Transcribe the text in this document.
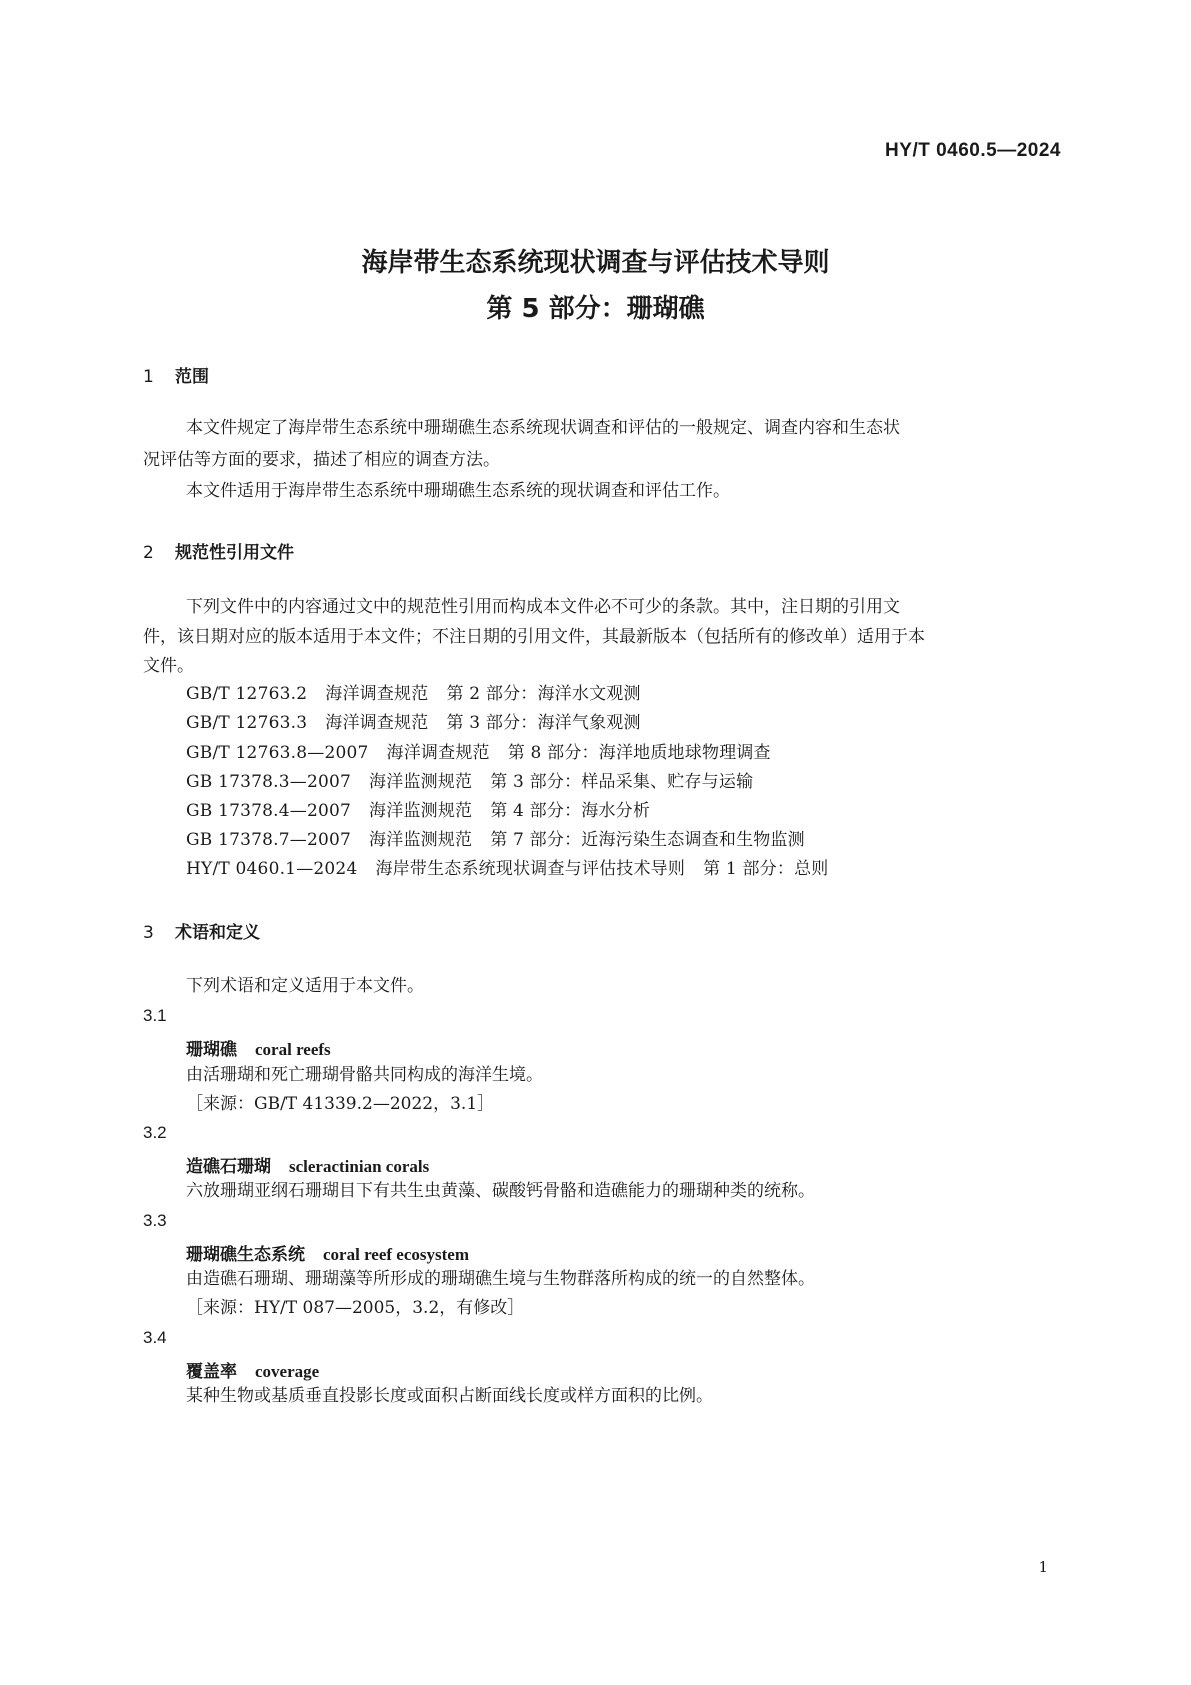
HY/T 0460.5—2024
海岸带生态系统现状调查与评估技术导则
第 5 部分：珊瑚礁
1 范围
本文件规定了海岸带生态系统中珊瑚礁生态系统现状调查和评估的一般规定、调查内容和生态状
况评估等方面的要求，描述了相应的调查方法。
本文件适用于海岸带生态系统中珊瑚礁生态系统的现状调查和评估工作。
2 规范性引用文件
下列文件中的内容通过文中的规范性引用而构成本文件必不可少的条款。其中，注日期的引用文
件，该日期对应的版本适用于本文件；不注日期的引用文件，其最新版本（包括所有的修改单）适用于本
文件。
GB/T 12763.2 海洋调查规范 第 2 部分：海洋水文观测
GB/T 12763.3 海洋调查规范 第 3 部分：海洋气象观测
GB/T 12763.8—2007 海洋调查规范 第 8 部分：海洋地质地球物理调查
GB 17378.3—2007 海洋监测规范 第 3 部分：样品采集、贮存与运输
GB 17378.4—2007 海洋监测规范 第 4 部分：海水分析
GB 17378.7—2007 海洋监测规范 第 7 部分：近海污染生态调查和生物监测
HY/T 0460.1—2024 海岸带生态系统现状调查与评估技术导则 第 1 部分：总则
3 术语和定义
下列术语和定义适用于本文件。
3.1
珊瑚礁 coral reefs
由活珊瑚和死亡珊瑚骨骼共同构成的海洋生境。
［来源：GB/T 41339.2—2022，3.1］
3.2
造礁石珊瑚 scleractinian corals
六放珊瑚亚纲石珊瑚目下有共生虫黄藻、碳酸钙骨骼和造礁能力的珊瑚种类的统称。
3.3
珊瑚礁生态系统 coral reef ecosystem
由造礁石珊瑚、珊瑚藻等所形成的珊瑚礁生境与生物群落所构成的统一的自然整体。
［来源：HY/T 087—2005，3.2，有修改］
3.4
覆盖率 coverage
某种生物或基质垂直投影长度或面积占断面线长度或样方面积的比例。
1
